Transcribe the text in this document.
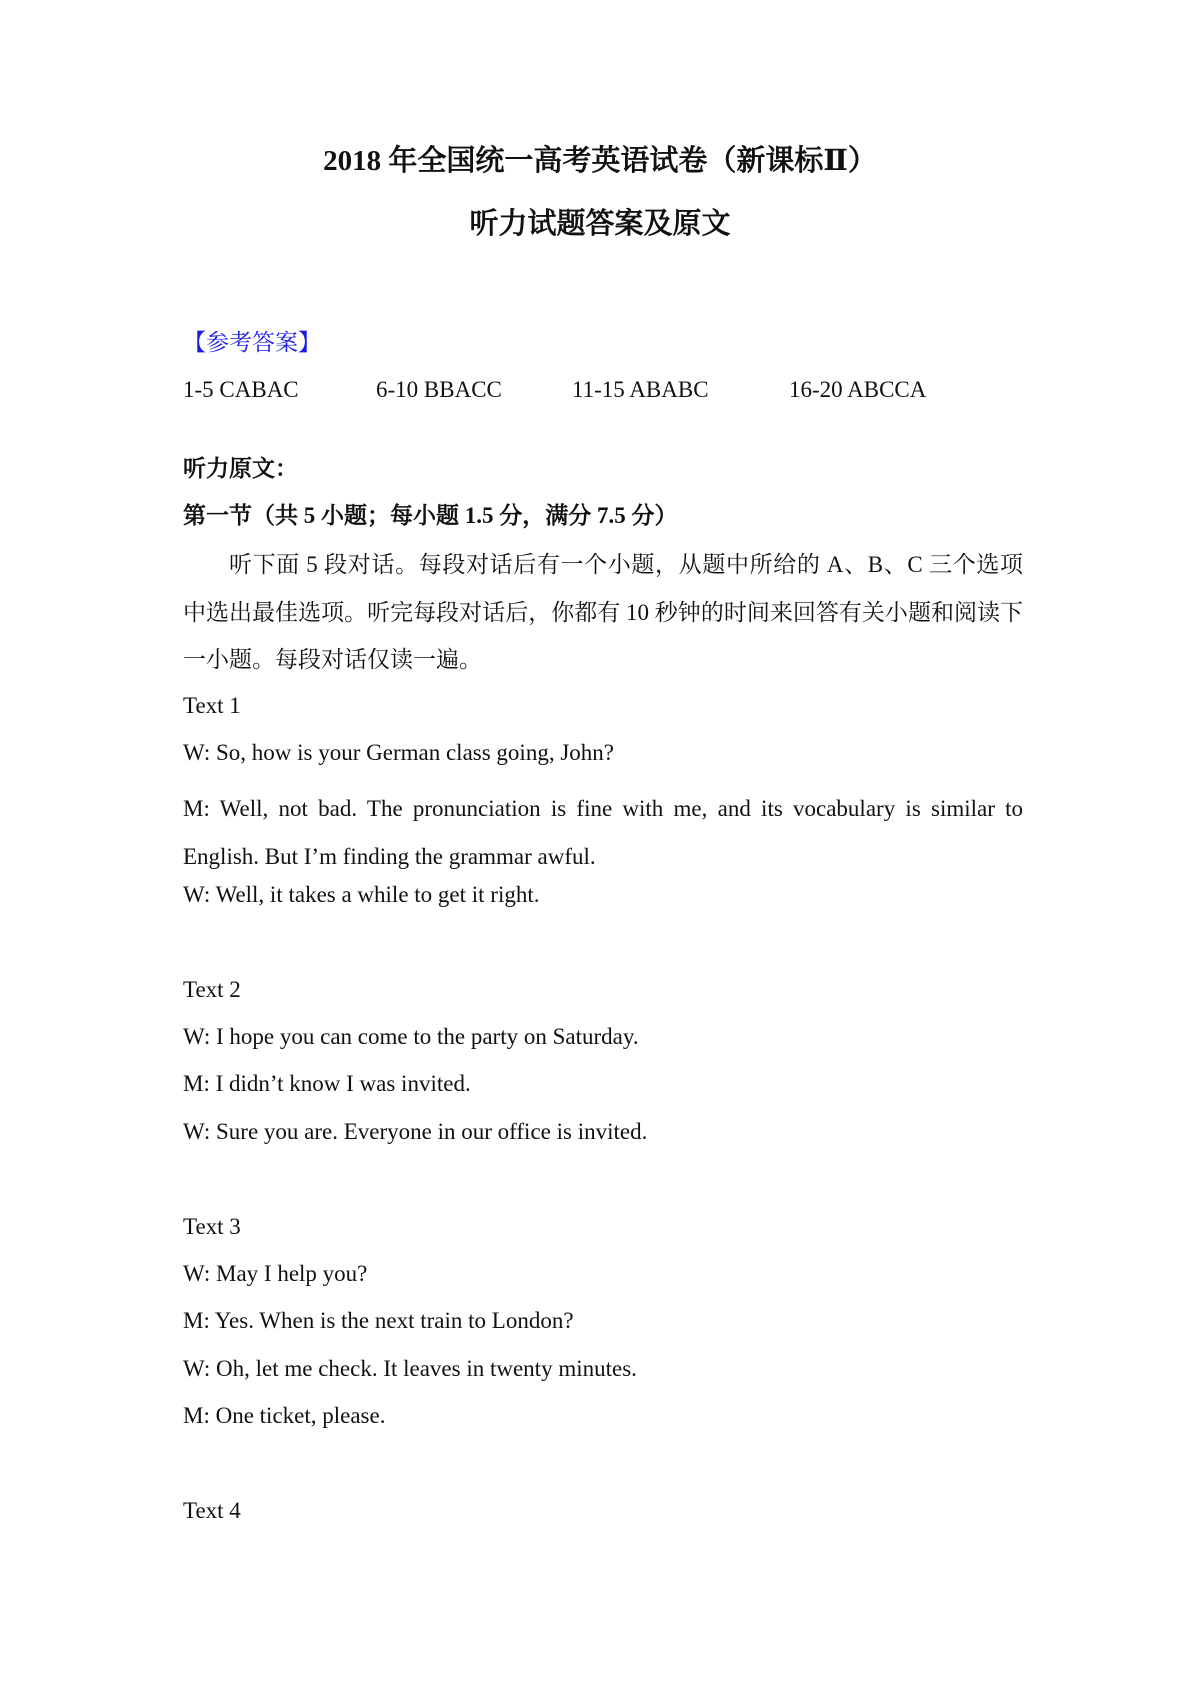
2018 年全国统一高考英语试卷（新课标Ⅱ）
听力试题答案及原文
【参考答案】
1-5 CABAC	6-10 BBACC	11-15 ABABC	16-20 ABCCA
听力原文：
第一节（共 5 小题；每小题 1.5 分，满分 7.5 分）
听下面 5 段对话。每段对话后有一个小题，从题中所给的 A、B、C 三个选项中选出最佳选项。听完每段对话后，你都有 10 秒钟的时间来回答有关小题和阅读下一小题。每段对话仅读一遍。
Text 1
W: So, how is your German class going, John?
M: Well, not bad. The pronunciation is fine with me, and its vocabulary is similar to English. But I’m finding the grammar awful.
W: Well, it takes a while to get it right.
Text 2
W: I hope you can come to the party on Saturday.
M: I didn’t know I was invited.
W: Sure you are. Everyone in our office is invited.
Text 3
W: May I help you?
M: Yes. When is the next train to London?
W: Oh, let me check. It leaves in twenty minutes.
M: One ticket, please.
Text 4
